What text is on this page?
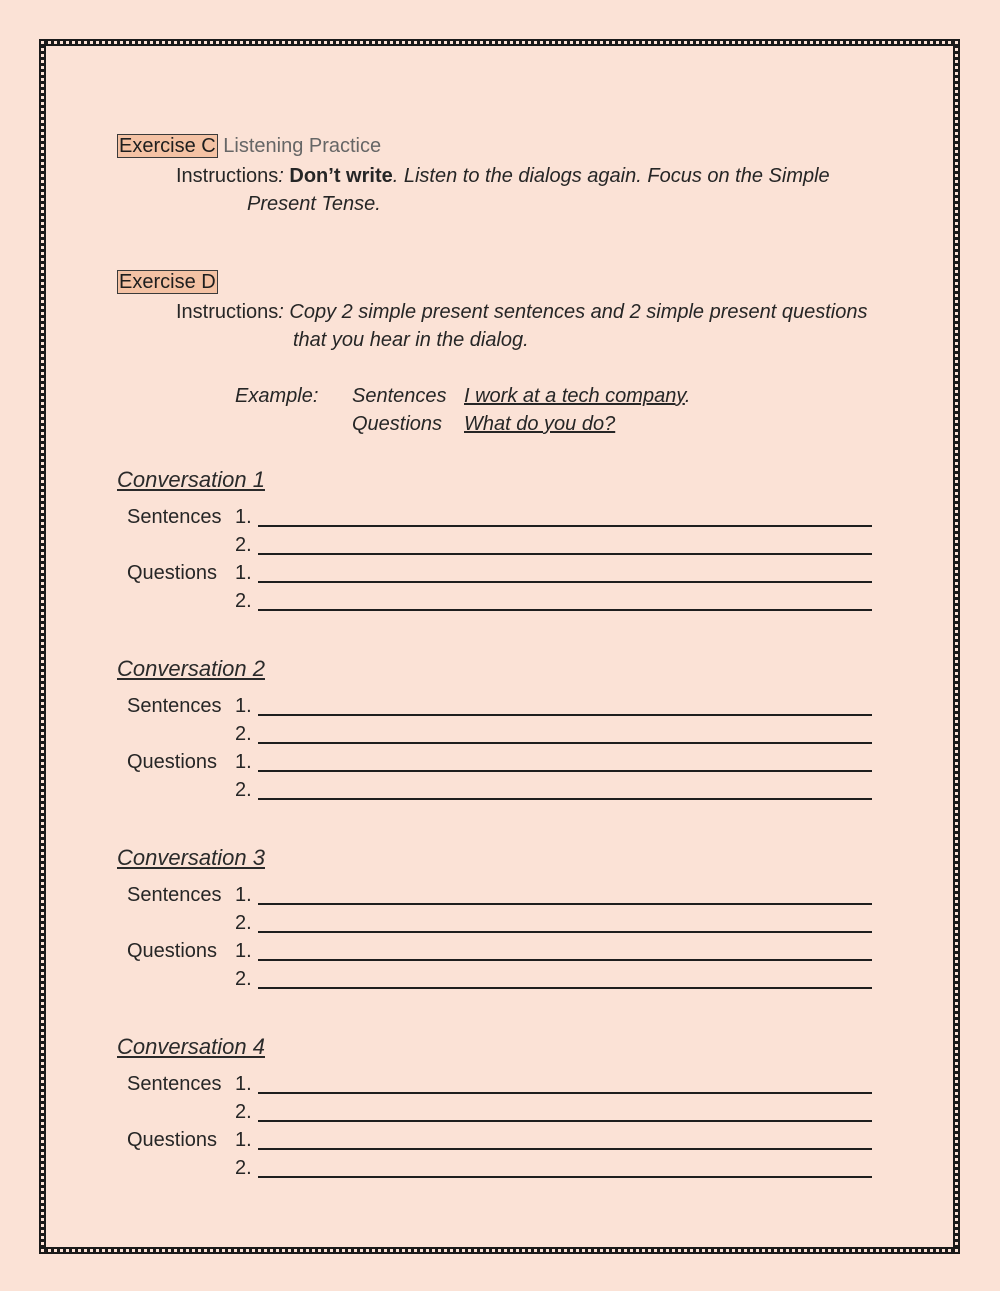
Exercise C Listening Practice
Instructions: Don’t write. Listen to the dialogs again. Focus on the Simple
Present Tense.
Exercise D
Instructions: Copy 2 simple present sentences and 2 simple present questions
that you hear in the dialog.
Example: Sentences I work at a tech company.
Questions What do you do?
Conversation 1
Sentences 1.
2.
Questions 1.
2.
Conversation 2
Sentences 1.
2.
Questions 1.
2.
Conversation 3
Sentences 1.
2.
Questions 1.
2.
Conversation 4
Sentences 1.
2.
Questions 1.
2.
